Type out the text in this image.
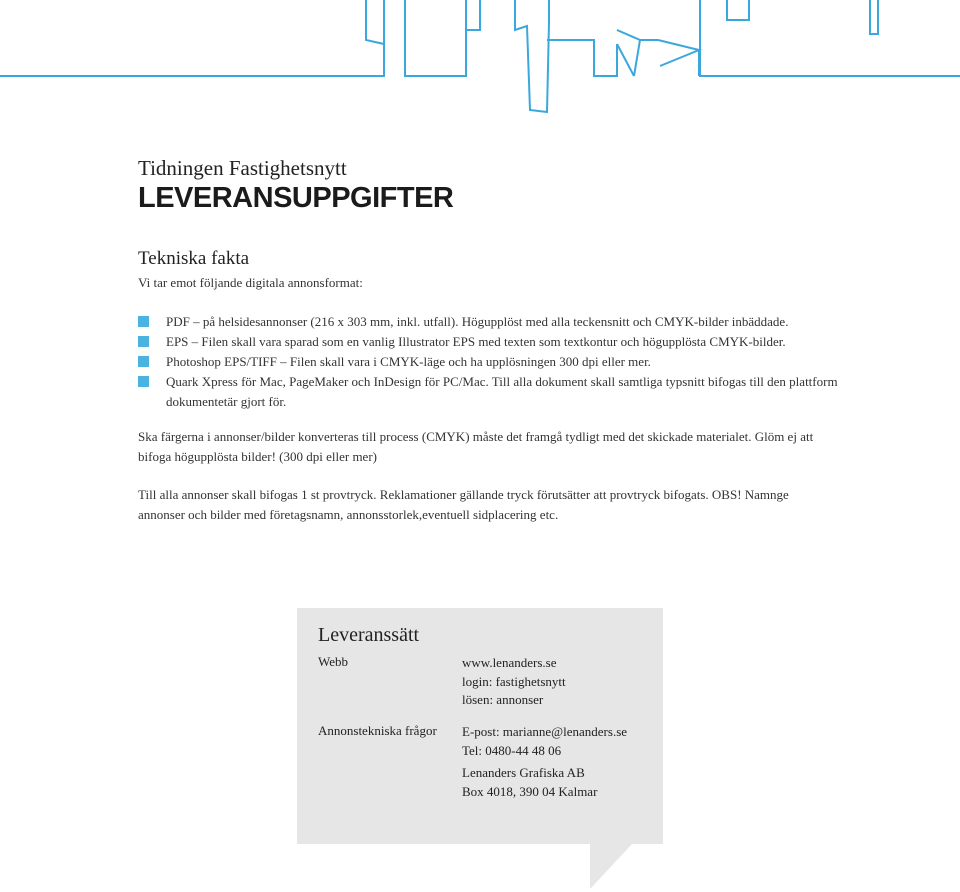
Tidningen Fastighetsnytt
LEVERANSUPPGIFTER
Tekniska fakta
Vi tar emot följande digitala annonsformat:
PDF – på helsidesannonser (216 x 303 mm, inkl. utfall). Högupplöst med alla teckensnitt och CMYK-bilder inbäddade.
EPS – Filen skall vara sparad som en vanlig Illustrator EPS med texten som textkontur och högupplösta CMYK-bilder.
Photoshop EPS/TIFF – Filen skall vara i CMYK-läge och ha upplösningen 300 dpi eller mer.
Quark Xpress för Mac, PageMaker och InDesign för PC/Mac. Till alla dokument skall samtliga typsnitt bifogas till den plattform dokumentetär gjort för.

Ska färgerna i annonser/bilder konverteras till process (CMYK) måste det framgå tydligt med det skickade materialet. Glöm ej att bifoga högupplösta bilder! (300 dpi eller mer)

Till alla annonser skall bifogas 1 st provtryck. Reklamationer gällande tryck förutsätter att provtryck bifogats. OBS! Namnge annonser och bilder med företagsnamn, annonsstorlek,eventuell sidplacering etc.

Leveranssätt
Webb	www.lenanders.se
login: fastighetsnytt
lösen: annonser
Annonstekniska frågor E-post: marianne@lenanders.se
Tel: 0480-44 48 06
Lenanders Grafiska AB
Box 4018, 390 04 Kalmar
